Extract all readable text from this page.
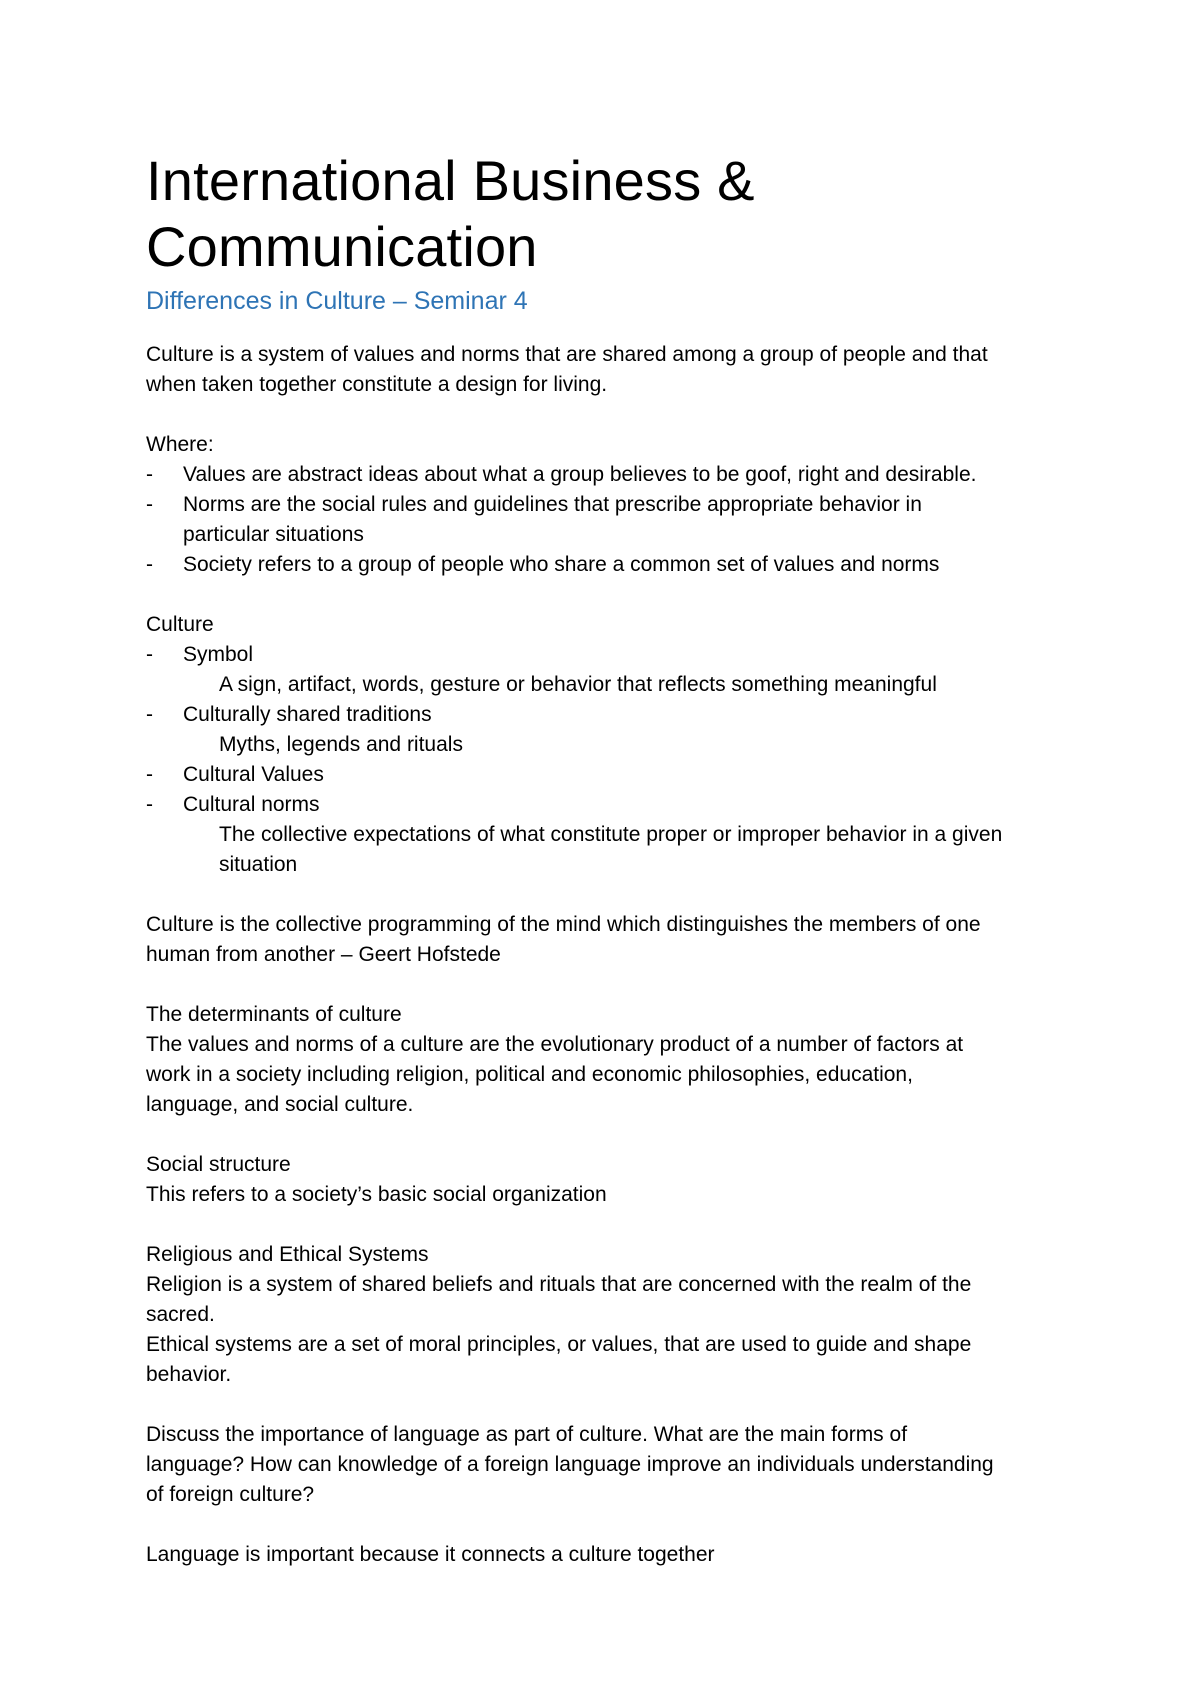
International Business &
Communication
Differences in Culture – Seminar 4

Culture is a system of values and norms that are shared among a group of people and that
when taken together constitute a design for living.

Where:

-	Values are abstract ideas about what a group believes to be goof, right and desirable.
-	Norms are the social rules and guidelines that prescribe appropriate behavior in particular situations
-	Society refers to a group of people who share a common set of values and norms

Culture

-	Symbol

A sign, artifact, words, gesture or behavior that reflects something meaningful

-	Culturally shared traditions

Myths, legends and rituals

-	Cultural Values
-	Cultural norms

The collective expectations of what constitute proper or improper behavior in a given
situation

Culture is the collective programming of the mind which distinguishes the members of one
human from another – Geert Hofstede

The determinants of culture

The values and norms of a culture are the evolutionary product of a number of factors at
work in a society including religion, political and economic philosophies, education,
language, and social culture.

Social structure

This refers to a society’s basic social organization

Religious and Ethical Systems

Religion is a system of shared beliefs and rituals that are concerned with the realm of the
sacred.
Ethical systems are a set of moral principles, or values, that are used to guide and shape
behavior.

Discuss the importance of language as part of culture. What are the main forms of
language? How can knowledge of a foreign language improve an individuals understanding
of foreign culture?

Language is important because it connects a culture together
